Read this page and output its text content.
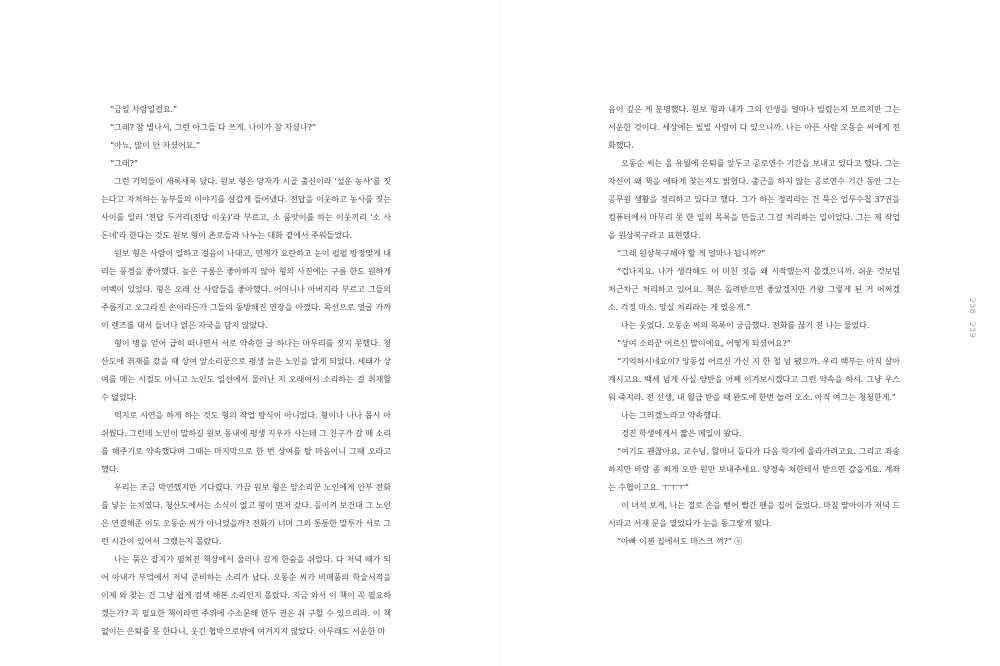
“금일 사람일걸요.”

“그래? 참 별나서, 그런 아그들 다 쓰게. 나이가 참 자셨나?”

“아뇨, 많이 안 자셨어요.”

“그래?”

그런 기억들이 새록새록 났다. 원보 형은 당자가 시골 출신이라 ‘설운 농사’를 짓는다고 자처하는 농부들의 이야기를 살갑게 들어냈다. 전답을 이웃하고 농사를 짓는 사이를 일러 ‘전답 두거리(전답 이웃)’라 부르고, 소 품앗이를 하는 이웃끼리 ‘소 사돈네’라 한다는 것도 원보 형이 촌로들과 나누는 대화 곁에서 주워들었다.

원보 형은 사람이 일하고 걸음이 나대고, 연계가 요란하고 눈이 펄펄 방정맞게 내리는 풍경을 좋아했다. 높은 구름은 좋아하지 않아 형의 사진에는 구름 한도 원하게 여백이 있었다. 형은 오래 산 사람들을 좋아했다. 어머니나 아버지라 부르고 그들의 주름지고 오그라진 손이라든가 그들의 동방해진 연장을 아꼈다. 목선으로 얼굴 가까이 렌즈를 대서 들녀나 얽은 자국을 담지 않았다.

형이 병을 얻어 급히 떠나면서 서로 약속한 글 하나는 마무리를 짓지 못했다. 청산도에 취재를 갔을 때 상여 앞소리꾼으로 평생 늙은 노인을 알게 되었다. 세태가 상여를 메는 시절도 아니고 노인도 일선에서 물러난 지 오래여서 소리하는 걸 취재할 수 없었다.

억지로 시연을 하게 하는 것도 형의 작업 방식이 아니었다. 형이나 나나 몹시 아쉬웠다. 그런데 노인이 말하길 원보 동내에 평생 지우가 사는데 그 친구가 갈 때 소리를 해주기로 약속했다며 그때는 마지막으로 한 번 상여를 탈 마음이니 그때 오라고 했다.

우리는 조금 막연했지만 기다렸다. 가끔 원보 형은 앞소리꾼 노인에게 안부 전화를 넣는 눈치였다. 청산도에서는 소식이 없고 형이 먼저 갔다. 돌이켜 보건대 그 노인은 연결해준 이도 오동순 씨가 아니었을까? 전화기 너머 그의 통통한 말투가 서로 그런 시간이 있어서 그랬는지 몰랐다.

나는 묶은 잡지가 펼쳐진 책상에서 물러나 길게 한숨을 쉬었다. 다 저녁 때가 되어 아내가 부엌에서 저녁 준비하는 소리가 났다. 오동순 씨가 비매품의 학술서적을 이제 와 찾는 건 그냥 쉽게 검색 해본 소리인지 몰랐다. 지금 와서 이 책이 꼭 필요하겠는가? 꼭 필요한 책이라면 주위에 수소문해 한두 권은 쉬 구할 수 있으리라. 이 책 없이는 은퇴를 못 한다니, 웃긴 협박으로밖에 여겨지지 않았다. 아무래도 서운한 마

음이 깊은 게 분명했다. 원보 형과 내가 그의 인생을 얼마나 빌렸는지 모르지만 그는 서운한 것이다. 세상에는 빌빌 사람이 다 있으니까. 나는 아픈 사람 오동순 씨에게 전화했다.

오동순 씨는 올 유월에 은퇴를 앞두고 공로연수 기간을 보내고 있다고 했다. 그는 자신이 왜 책을 애타게 찾는지도 밝혔다. 출근을 하지 않는 공로연수 기간 동안 그는 공무원 생활을 정리하고 있다고 했다. 그가 하는 정리라는 건 묵은 업무수첩 37권을 컴퓨터에서 마무리 못 한 일의 목록을 만들고 그걸 처리하는 일이었다. 그는 제 작업을 원상복구라고 표현했다.

“그래 원상복구해야 할 게 얼마나 됩니까?”

“겁나지요. 나가 생각해도 이 미친 짓을 왜 시작했는지 몰겠으니까. 쉬운 것보덤 처근차근 처리하고 있어요. 책은 돌려받으면 좋았겠지만 가왕 그렇게 된 거 어쩌겠소. 걱정 마소. 망실 처리라는 게 있응게.”

나는 웃었다. 오동순 씨의 목록이 궁금했다. 전화를 끊기 전 나는 물었다.

“상여 소리꾼 어르신 말이에요, 어떻게 되셨어요?”

“기억하시네요이? 앙동섭 어르신 가신 지 한 철 넘 됐으까. 우리 백부는 아직 살아 계시고요. 백세 넘게 사실 양반을 어째 이겨보시겠다고 그런 약속을 하셔. 그냥 우스워 죽지라. 전 선생, 내 월급 받을 때 완도에 한번 놀러 오소. 아직 여그는 청청한게.”

나는 그러겠노라고 약속했다.

경진 학생에게서 짧은 메일이 왔다.

“여기도 괜찮아요, 교수님. 할머니 돌다가 다음 학기에 올라가려고요. 그리고 죄송하지만 바람 좀 쐬게 오만 원만 보내주세요. 양경숙 쳐한테서 받으면 갚을게요. 계좌는 수협이고요. ㅜㅜㅜ”

이 녀석 보게, 나는 절로 손을 뻗어 빨간 펜을 집어 들었다. 마침 딸아이가 저녁 드시라고 서재 문을 열었다가 눈을 동그랗게 떴다.

“아빠 이젠 집에서도 마스크 껴?” ⓢ

238
239
